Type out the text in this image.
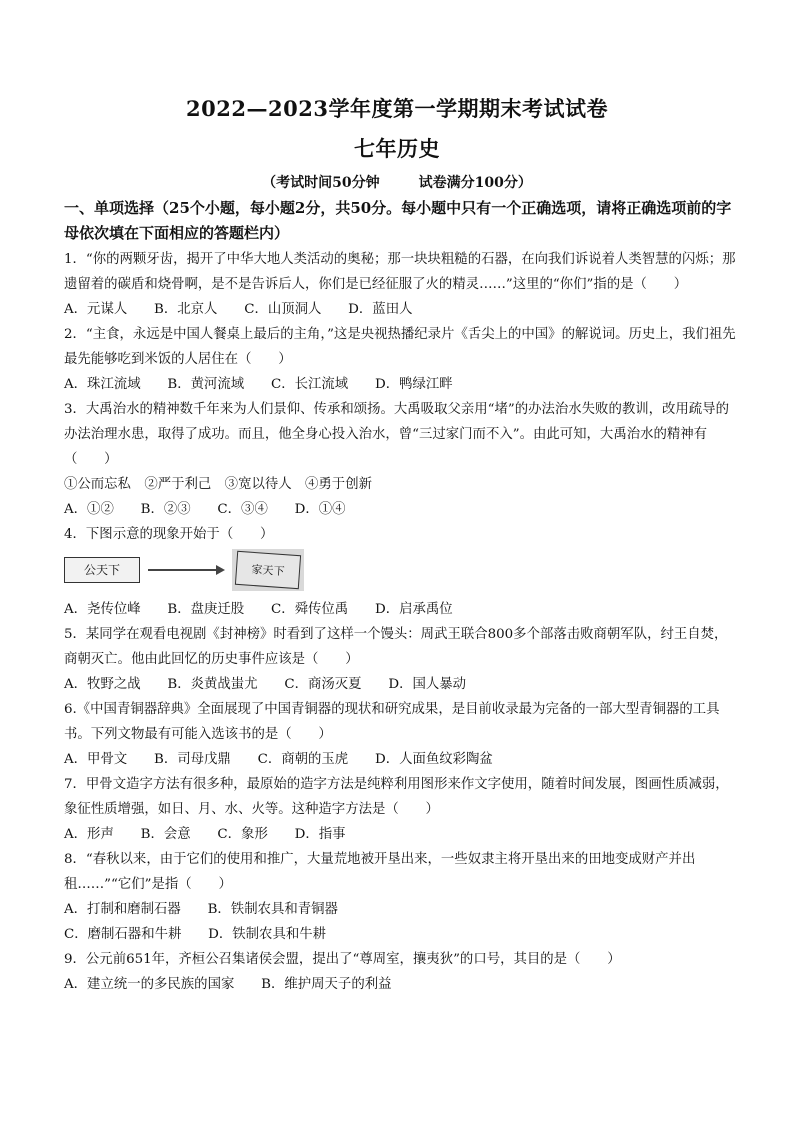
2022—2023学年度第一学期期末考试试卷
七年历史
（考试时间50分钟        试卷满分100分）
一、单项选择（25个小题，每小题2分，共50分。每小题中只有一个正确选项，请将正确选项前的字母依次填在下面相应的答题栏内）

1．“你的两颗牙齿，揭开了中华大地人类活动的奥秘；那一块块粗糙的石器，在向我们诉说着人类智慧的闪烁；那遗留着的碳盾和烧骨啊，是不是告诉后人，你们是已经征服了火的精灵……”这里的“你们”指的是（　　）

A．元谋人　　B．北京人　　C．山顶洞人　　D．蓝田人

2．“主食，永远是中国人餐桌上最后的主角，”这是央视热播纪录片《舌尖上的中国》的解说词。历史上，我们祖先最先能够吃到米饭的人居住在（　　）

A．珠江流域　　B．黄河流域　　C．长江流域　　D．鸭绿江畔

3．大禹治水的精神数千年来为人们景仰、传承和颂扬。大禹吸取父亲用“堵”的办法治水失败的教训，改用疏导的办法治理水患，取得了成功。而且，他全身心投入治水，曾“三过家门而不入”。由此可知，大禹治水的精神有（　　）

①公而忘私　②严于利己　③宽以待人　④勇于创新

A．①②　　B．②③　　C．③④　　D．①④

4．下图示意的现象开始于（　　）

公天下	家天下

A．尧传位峰　　B．盘庚迁股　　C．舜传位禹　　D．启承禹位

5．某同学在观看电视剧《封神榜》时看到了这样一个馒头：周武王联合800多个部落击败商朝军队，纣王自焚，商朝灭亡。他由此回忆的历史事件应该是（　　）

A．牧野之战　　B．炎黄战蚩尤　　C．商汤灭夏　　D．国人暴动

6.《中国青铜器辞典》全面展现了中国青铜器的现状和研究成果，是目前收录最为完备的一部大型青铜器的工具书。下列文物最有可能入选该书的是（　　）

A．甲骨文　　B．司母戊鼎　　C．商朝的玉虎　　D．人面鱼纹彩陶盆

7．甲骨文造字方法有很多种，最原始的造字方法是纯粹利用图形来作文字使用，随着时间发展，图画性质减弱，象征性质增强，如日、月、水、火等。这种造字方法是（　　）

A．形声　　B．会意　　C．象形　　D．指事

8．“春秋以来，由于它们的使用和推广，大量荒地被开垦出来，一些奴隶主将开垦出来的田地变成财产并出租……”“它们”是指（　　）

A．打制和磨制石器　　B．铁制农具和青铜器

C．磨制石器和牛耕　　D．铁制农具和牛耕

9．公元前651年，齐桓公召集诸侯会盟，提出了“尊周室，攘夷狄”的口号，其目的是（　　）

A．建立统一的多民族的国家　　B．维护周天子的利益
